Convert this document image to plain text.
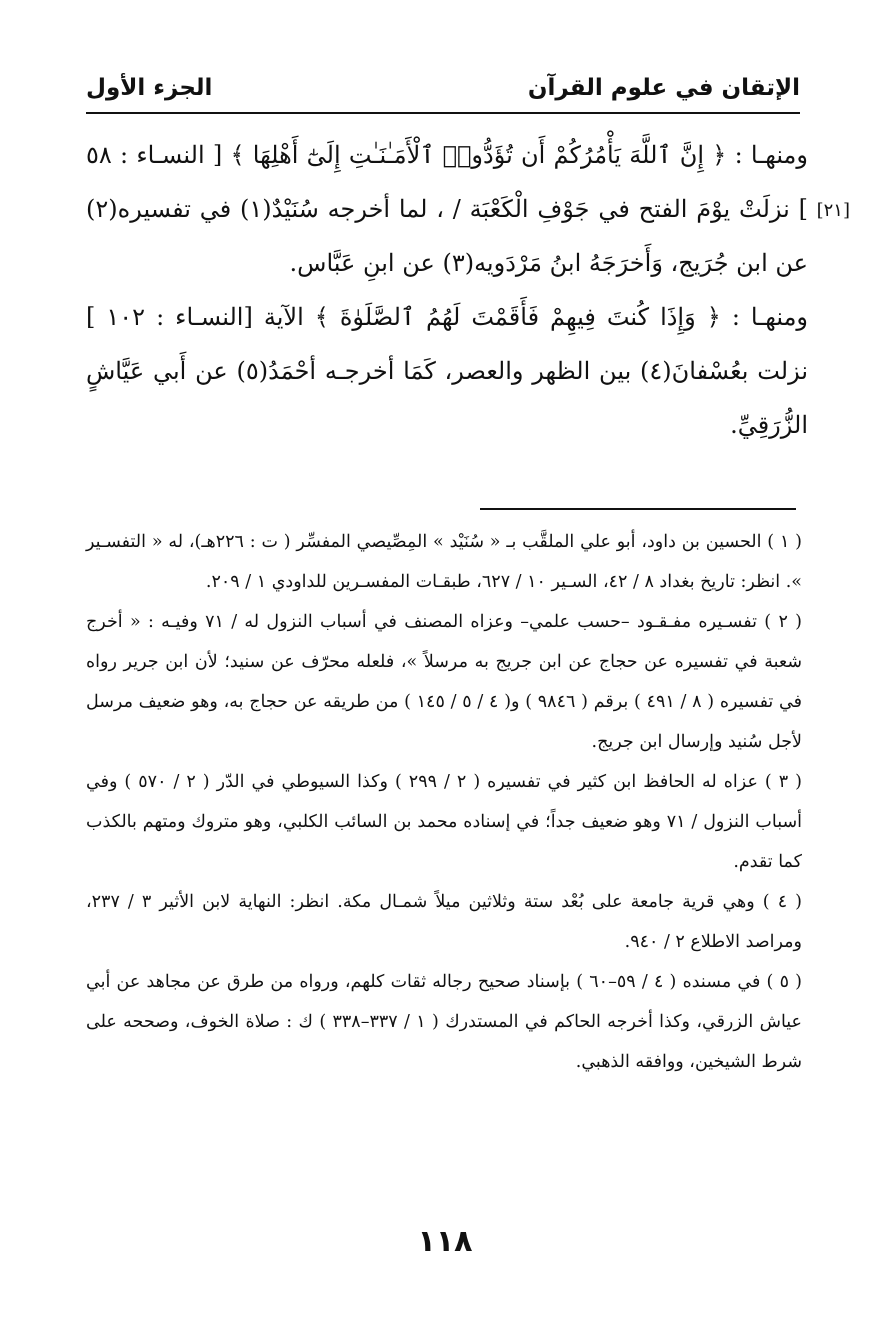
الإتقان في علوم القرآن
الجزء الأول
[٢١]

ومنهـا : ﴿ إِنَّ ٱللَّهَ يَأْمُرُكُمْ أَن تُؤَدُّوا۟ ٱلْأَمَـٰنَـٰتِ إِلَىٰٓ أَهْلِهَا ﴾ [ النسـاء : ٥٨ ] نزلَتْ يوْمَ الفتح في جَوْفِ الْكَعْبَة / ، لما أخرجه سُنَيْدٌ(١) في تفسيره(٢) عن ابن جُرَيج، وَأَخرَجَهُ ابنُ مَرْدَويه(٣) عن ابنِ عَبَّاس.

ومنهـا : ﴿ وَإِذَا كُنتَ فِيهِمْ فَأَقَمْتَ لَهُمُ ٱلصَّلَوٰةَ ﴾ الآية [النسـاء : ١٠٢ ] نزلت بعُسْفانَ(٤) بين الظهر والعصر، كَمَا أخرجـه أحْمَدُ(٥) عن أَبي عَيَّاشٍ الزُّرَقِيِّ.

( ١ ) الحسين بن داود، أبو علي الملقَّب بـ « سُنَيْد » المِصِّيصي المفسِّر ( ت : ٢٢٦هـ)، له « التفسـير ». انظر: تاريخ بغداد ٨ / ٤٢، السـير ١٠ / ٦٢٧، طبقـات المفسـرين للداودي ١ / ٢٠٩.

( ٢ ) تفسـيره مفـقـود –حسب علمي– وعزاه المصنف في أسباب النزول له / ٧١ وفيـه : « أخرج شعبة في تفسيره عن حجاج عن ابن جريج به مرسلاً »، فلعله محرّف عن سنيد؛ لأن ابن جرير رواه في تفسيره ( ٨ / ٤٩١ ) برقم ( ٩٨٤٦ ) و( ٤ / ٥ / ١٤٥ ) من طريقه عن حجاج به، وهو ضعيف مرسل لأجل سُنيد وإرسال ابن جريج.

( ٣ ) عزاه له الحافظ ابن كثير في تفسيره ( ٢ / ٢٩٩ ) وكذا السيوطي في الدّر ( ٢ / ٥٧٠ ) وفي أسباب النزول / ٧١ وهو ضعيف جداً؛ في إسناده محمد بن السائب الكلبي، وهو متروك ومتهم بالكذب كما تقدم.

( ٤ ) وهي قرية جامعة على بُعْد ستة وثلاثين ميلاً شمـال مكة. انظر: النهاية لابن الأثير ٣ / ٢٣٧، ومراصد الاطلاع ٢ / ٩٤٠.

( ٥ ) في مسنده ( ٤ / ٥٩–٦٠ ) بإسناد صحيح رجاله ثقات كلهم، ورواه من طرق عن مجاهد عن أبي عياش الزرقي، وكذا أخرجه الحاكم في المستدرك ( ١ / ٣٣٧–٣٣٨ ) ك : صلاة الخوف، وصححه على شرط الشيخين، ووافقه الذهبي.

١١٨
